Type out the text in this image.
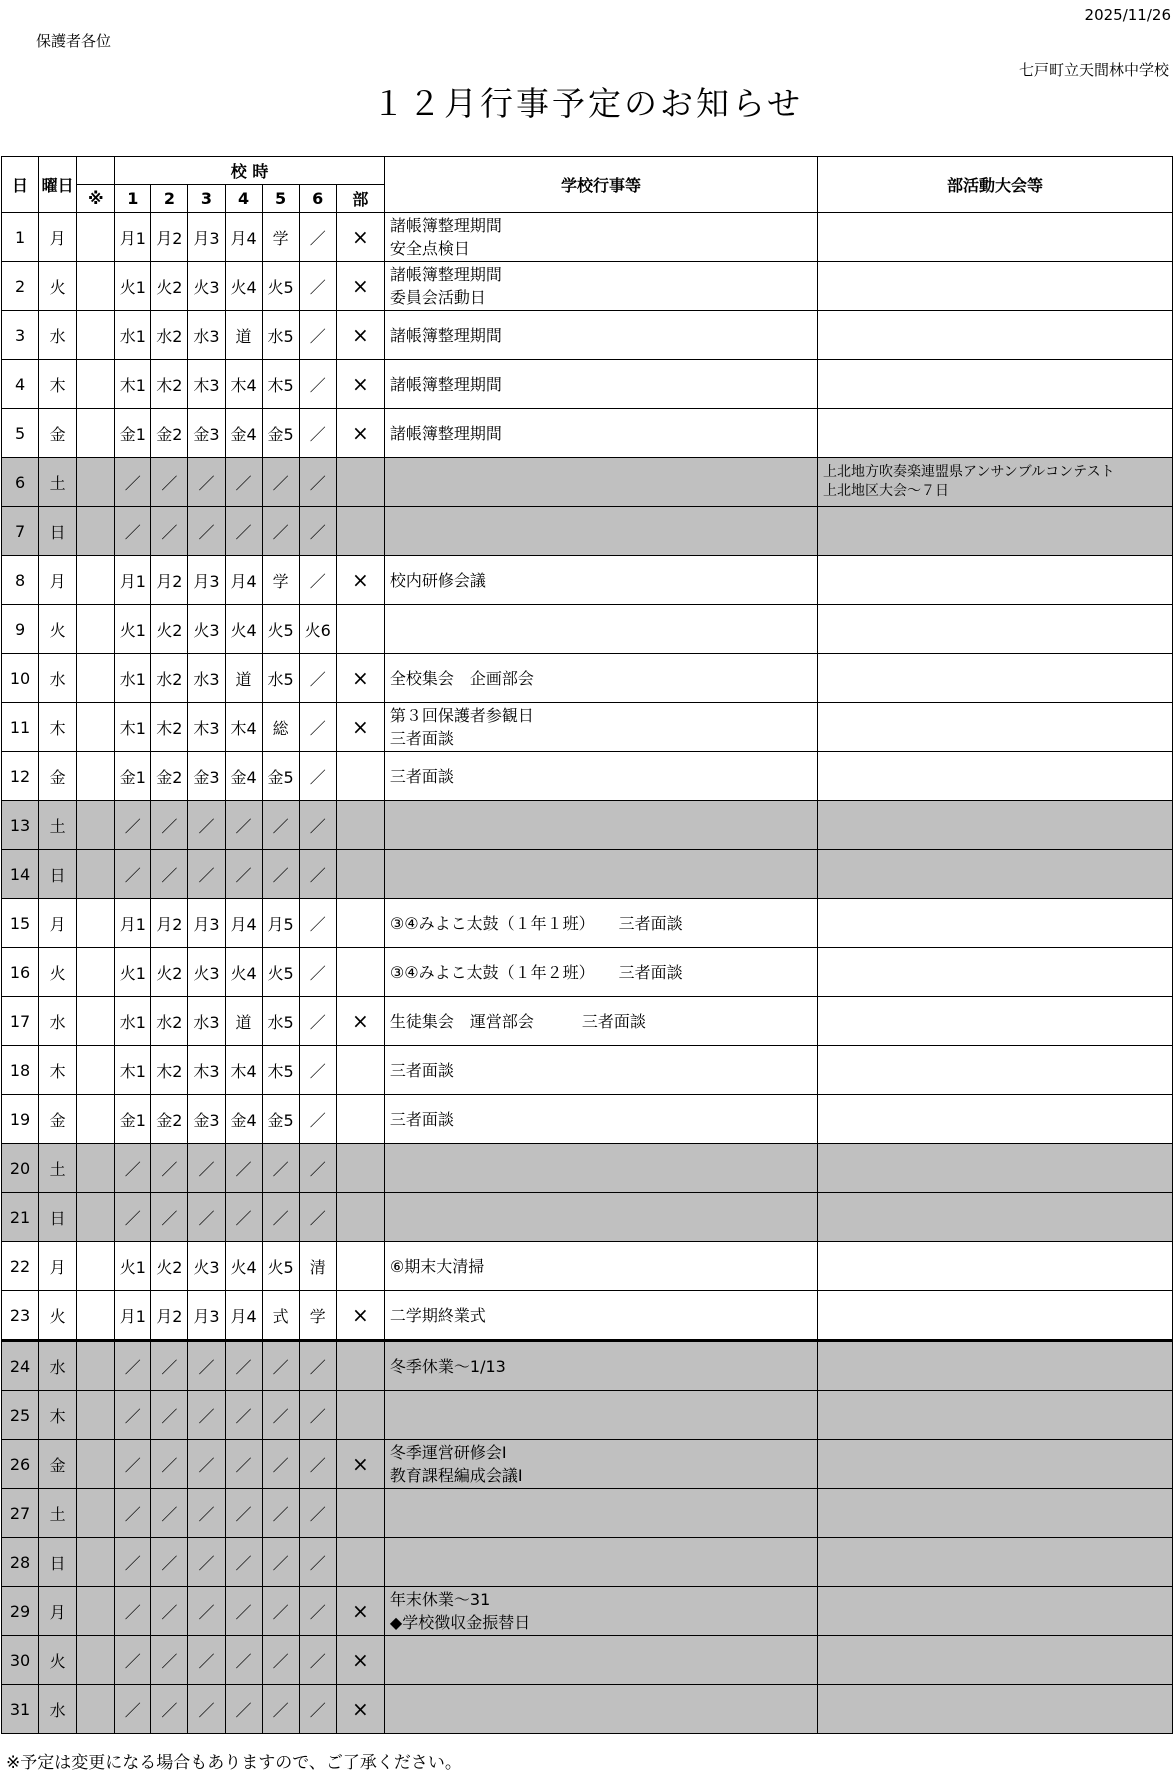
2025/11/26
保護者各位
七戸町立天間林中学校
１２月行事予定のお知らせ
日	曜日		校 時							学校行事等	部活動大会等
		※	1	2	3	4	5	6	部		
1	月		月1	月2	月3	月4	学	／	×	諸帳簿整理期間
安全点検日	

2	火		火1	火2	火3	火4	火5	／	×	諸帳簿整理期間
委員会活動日	

3	水		水1	水2	水3	道	水5	／	×	諸帳簿整理期間	

4	木		木1	木2	木3	木4	木5	／	×	諸帳簿整理期間	

5	金		金1	金2	金3	金4	金5	／	×	諸帳簿整理期間	

6	土		／	／	／	／	／	／			上北地方吹奏楽連盟県アンサンブルコンテスト
上北地区大会～７日

7	日		／	／	／	／	／	／			
8	月		月1	月2	月3	月4	学	／	×	校内研修会議	

9	火		火1	火2	火3	火4	火5	火6			
10	水		水1	水2	水3	道	水5	／	×	全校集会　企画部会	

11	木		木1	木2	木3	木4	総	／	×	第３回保護者参観日
三者面談	

12	金		金1	金2	金3	金4	金5	／		三者面談	

13	土		／	／	／	／	／	／			
14	日		／	／	／	／	／	／			
15	月		月1	月2	月3	月4	月5	／		③④みよこ太鼓（１年１班）　　三者面談	

16	火		火1	火2	火3	火4	火5	／		③④みよこ太鼓（１年２班）　　三者面談	

17	水		水1	水2	水3	道	水5	／	×	生徒集会　運営部会　　　三者面談	

18	木		木1	木2	木3	木4	木5	／		三者面談	

19	金		金1	金2	金3	金4	金5	／		三者面談	

20	土		／	／	／	／	／	／			
21	日		／	／	／	／	／	／			
22	月		火1	火2	火3	火4	火5	清		⑥期末大清掃	

23	火		月1	月2	月3	月4	式	学	×	二学期終業式	

24	水		／	／	／	／	／	／		冬季休業～1/13	

25	木		／	／	／	／	／	／			
26	金		／	／	／	／	／	／	×	冬季運営研修会Ⅰ
教育課程編成会議Ⅰ	

27	土		／	／	／	／	／	／			
28	日		／	／	／	／	／	／			
29	月		／	／	／	／	／	／	×	年末休業～31
◆学校徴収金振替日	

30	火		／	／	／	／	／	／	×		
31	水		／	／	／	／	／	／	×		
※予定は変更になる場合もありますので、ご了承ください。
